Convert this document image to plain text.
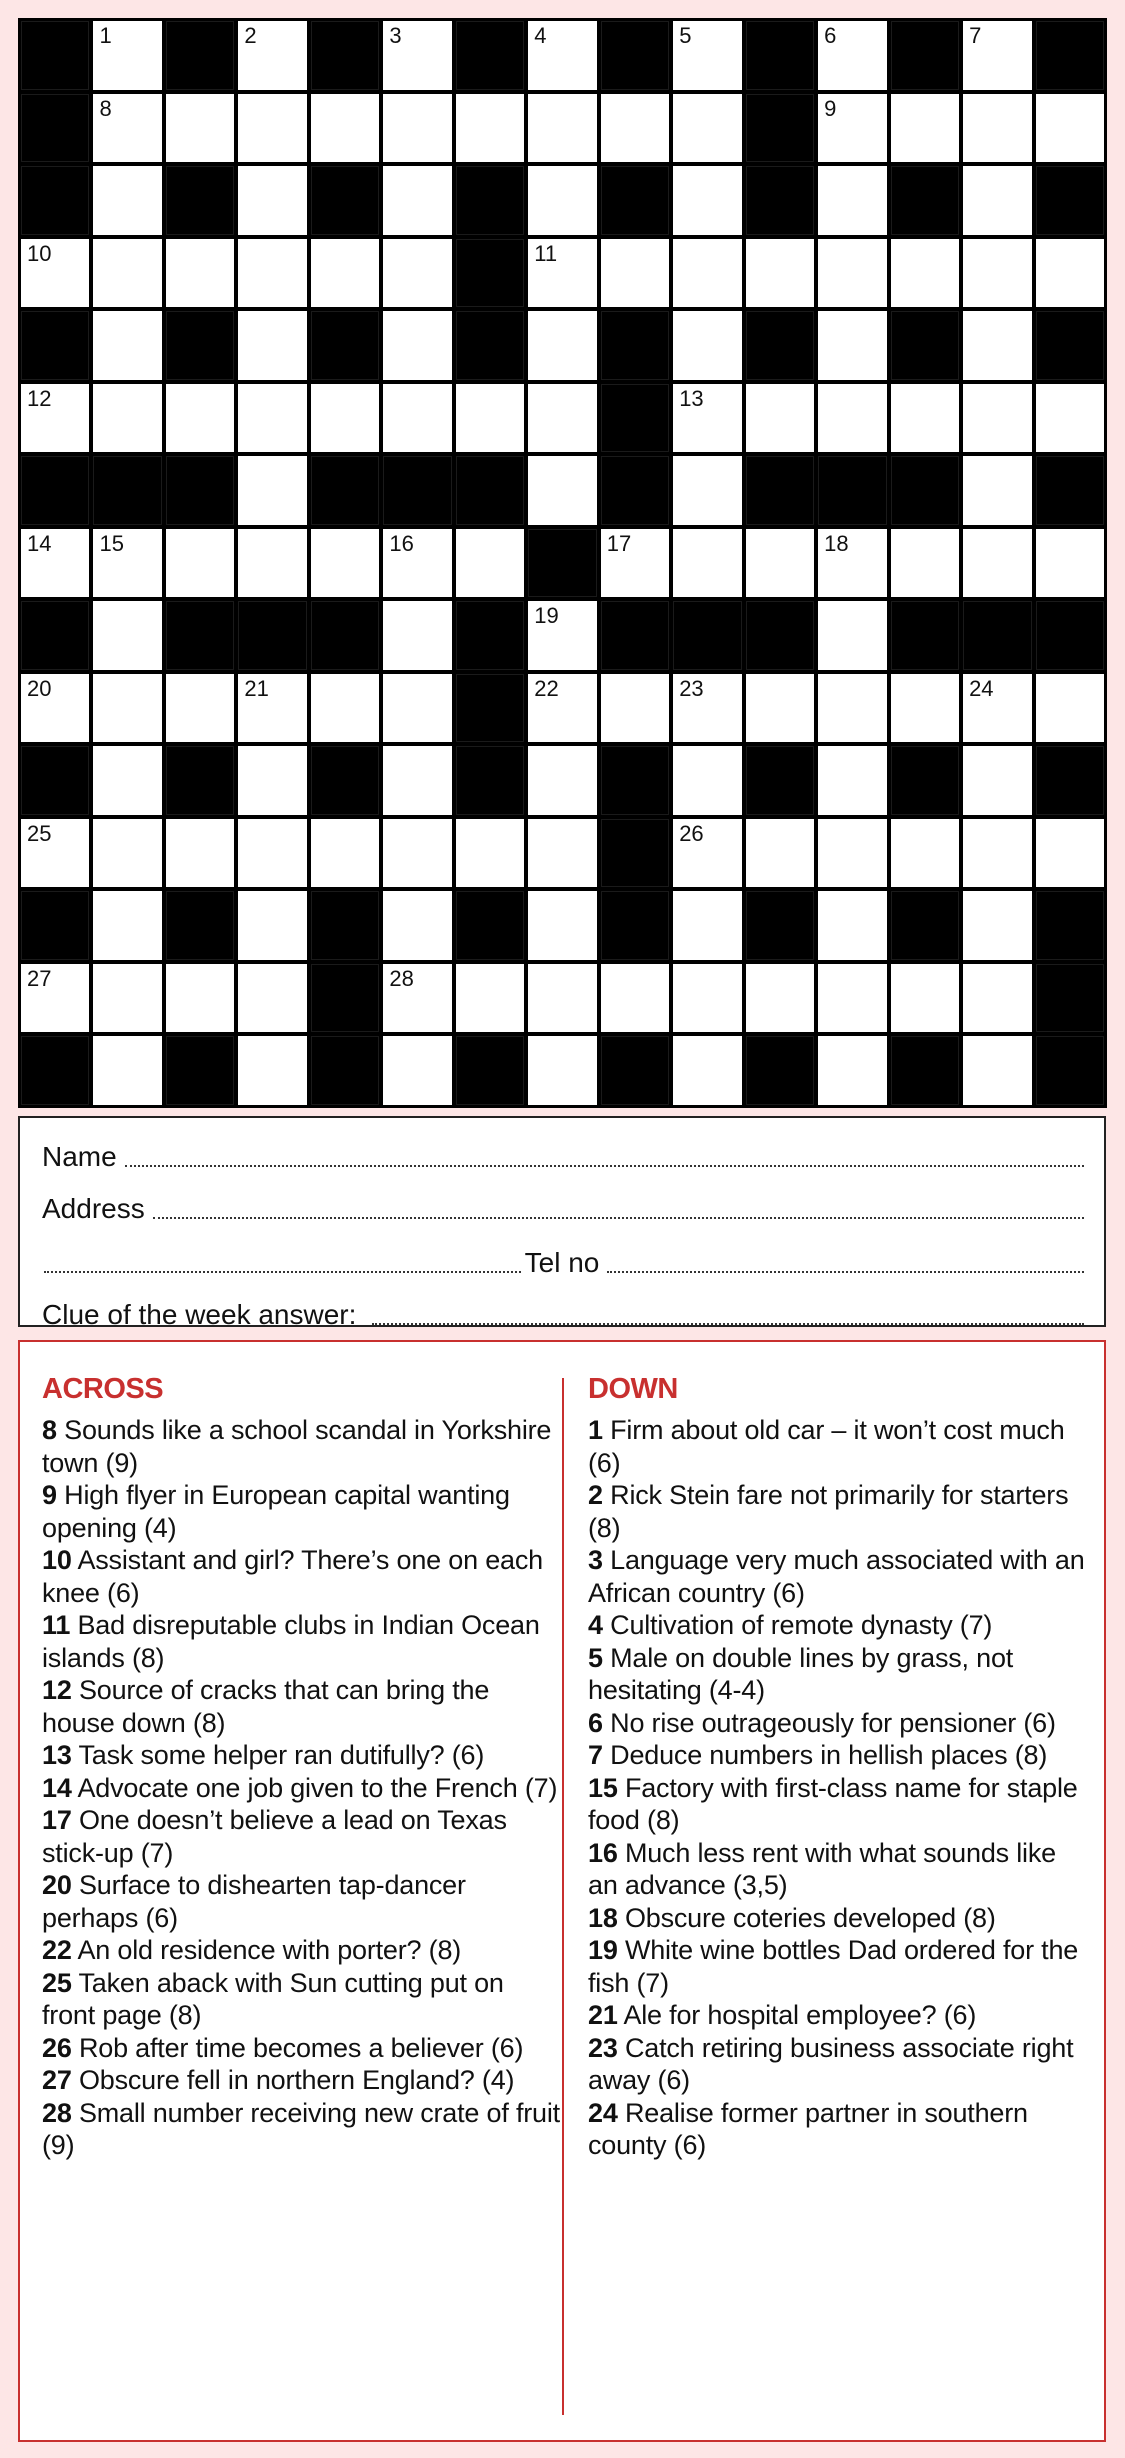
1	2	3	4	5	6	7
8	9
10	11
12	13
14 15	16	17	18
19
20	21	22	23	24
25	26
27	28
Name
Address
Tel no
Clue of the week answer:
ACROSS
8 Sounds like a school scandal in Yorkshire town (9)
9 High flyer in European capital wanting opening (4)
10 Assistant and girl? There’s one on each knee (6)
11 Bad disreputable clubs in Indian Ocean islands (8)
12 Source of cracks that can bring the house down (8)
13 Task some helper ran dutifully? (6)
14 Advocate one job given to the French (7)
17 One doesn’t believe a lead on Texas stick-up (7)
20 Surface to dishearten tap-dancer perhaps (6)
22 An old residence with porter? (8)
25 Taken aback with Sun cutting put on front page (8)
26 Rob after time becomes a believer (6)
27 Obscure fell in northern England? (4)
28 Small number receiving new crate of fruit (9)
DOWN
1 Firm about old car – it won’t cost much (6)
2 Rick Stein fare not primarily for starters (8)
3 Language very much associated with an African country (6)
4 Cultivation of remote dynasty (7)
5 Male on double lines by grass, not hesitating (4-4)
6 No rise outrageously for pensioner (6)
7 Deduce numbers in hellish places (8)
15 Factory with first-class name for staple food (8)
16 Much less rent with what sounds like an advance (3,5)
18 Obscure coteries developed (8)
19 White wine bottles Dad ordered for the fish (7)
21 Ale for hospital employee? (6)
23 Catch retiring business associate right away (6)
24 Realise former partner in southern county (6)
